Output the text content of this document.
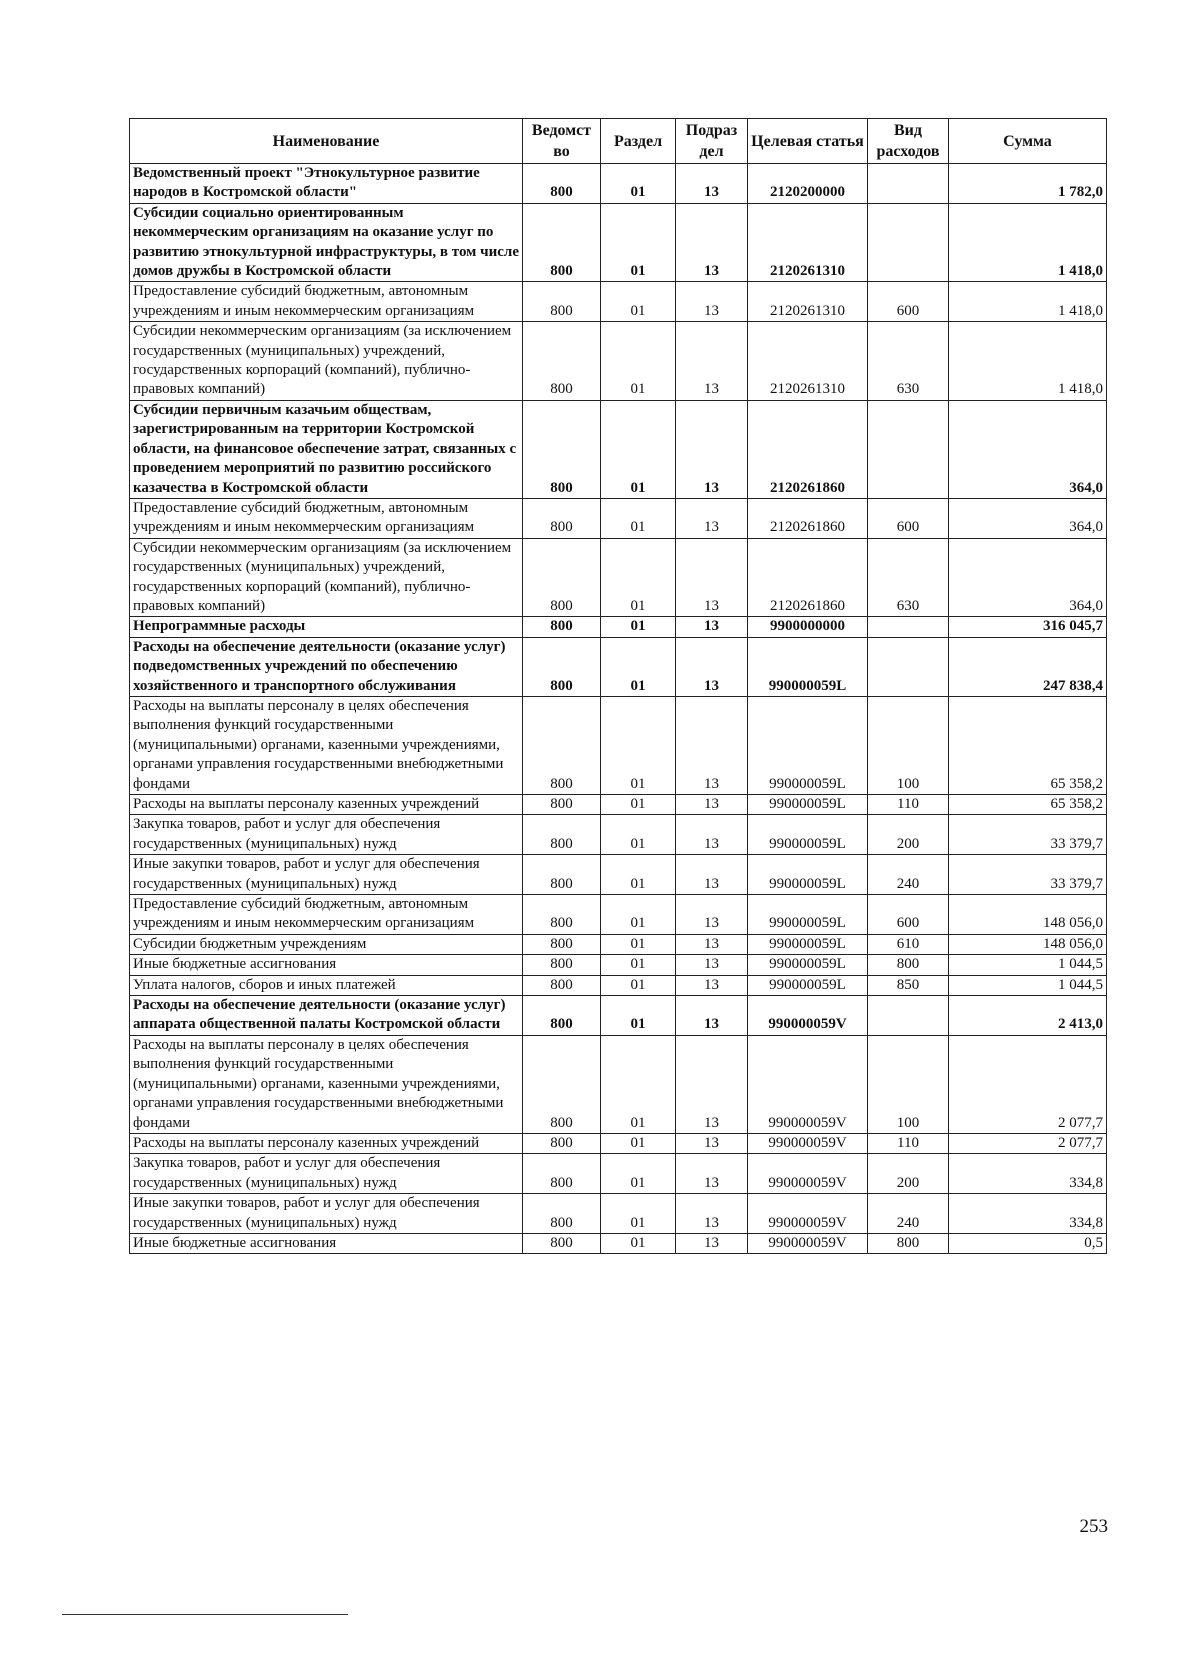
Наименование	Ведомст во	Раздел	Подраз дел	Целевая статья	Вид расходов	Сумма
Ведомственный проект "Этнокультурное развитие народов в Костромской области"	800	01	13	2120200000		1 782,0
Субсидии социально ориентированным некоммерческим организациям на оказание услуг по развитию этнокультурной инфраструктуры, в том числе домов дружбы в Костромской области	800	01	13	2120261310		1 418,0
Предоставление субсидий бюджетным, автономным учреждениям и иным некоммерческим организациям	800	01	13	2120261310	600	1 418,0
Субсидии некоммерческим организациям (за исключением государственных (муниципальных) учреждений, государственных корпораций (компаний), публично-правовых компаний)	800	01	13	2120261310	630	1 418,0
Субсидии первичным казачьим обществам, зарегистрированным на территории Костромской области, на финансовое обеспечение затрат, связанных с проведением мероприятий по развитию российского казачества в Костромской области	800	01	13	2120261860		364,0
Предоставление субсидий бюджетным, автономным учреждениям и иным некоммерческим организациям	800	01	13	2120261860	600	364,0
Субсидии некоммерческим организациям (за исключением государственных (муниципальных) учреждений, государственных корпораций (компаний), публично-правовых компаний)	800	01	13	2120261860	630	364,0
Непрограммные расходы	800	01	13	9900000000		316 045,7
Расходы на обеспечение деятельности (оказание услуг) подведомственных учреждений по обеспечению хозяйственного и транспортного обслуживания	800	01	13	990000059L		247 838,4
Расходы на выплаты персоналу в целях обеспечения выполнения функций государственными (муниципальными) органами, казенными учреждениями, органами управления государственными внебюджетными фондами	800	01	13	990000059L	100	65 358,2
Расходы на выплаты персоналу казенных учреждений	800	01	13	990000059L	110	65 358,2
Закупка товаров, работ и услуг для обеспечения государственных (муниципальных) нужд	800	01	13	990000059L	200	33 379,7
Иные закупки товаров, работ и услуг для обеспечения государственных (муниципальных) нужд	800	01	13	990000059L	240	33 379,7
Предоставление субсидий бюджетным, автономным учреждениям и иным некоммерческим организациям	800	01	13	990000059L	600	148 056,0
Субсидии бюджетным учреждениям	800	01	13	990000059L	610	148 056,0
Иные бюджетные ассигнования	800	01	13	990000059L	800	1 044,5
Уплата налогов, сборов и иных платежей	800	01	13	990000059L	850	1 044,5
Расходы на обеспечение деятельности (оказание услуг) аппарата общественной палаты Костромской области	800	01	13	990000059V		2 413,0
Расходы на выплаты персоналу в целях обеспечения выполнения функций государственными (муниципальными) органами, казенными учреждениями, органами управления государственными внебюджетными фондами	800	01	13	990000059V	100	2 077,7
Расходы на выплаты персоналу казенных учреждений	800	01	13	990000059V	110	2 077,7
Закупка товаров, работ и услуг для обеспечения государственных (муниципальных) нужд	800	01	13	990000059V	200	334,8
Иные закупки товаров, работ и услуг для обеспечения государственных (муниципальных) нужд	800	01	13	990000059V	240	334,8
Иные бюджетные ассигнования	800	01	13	990000059V	800	0,5
253
